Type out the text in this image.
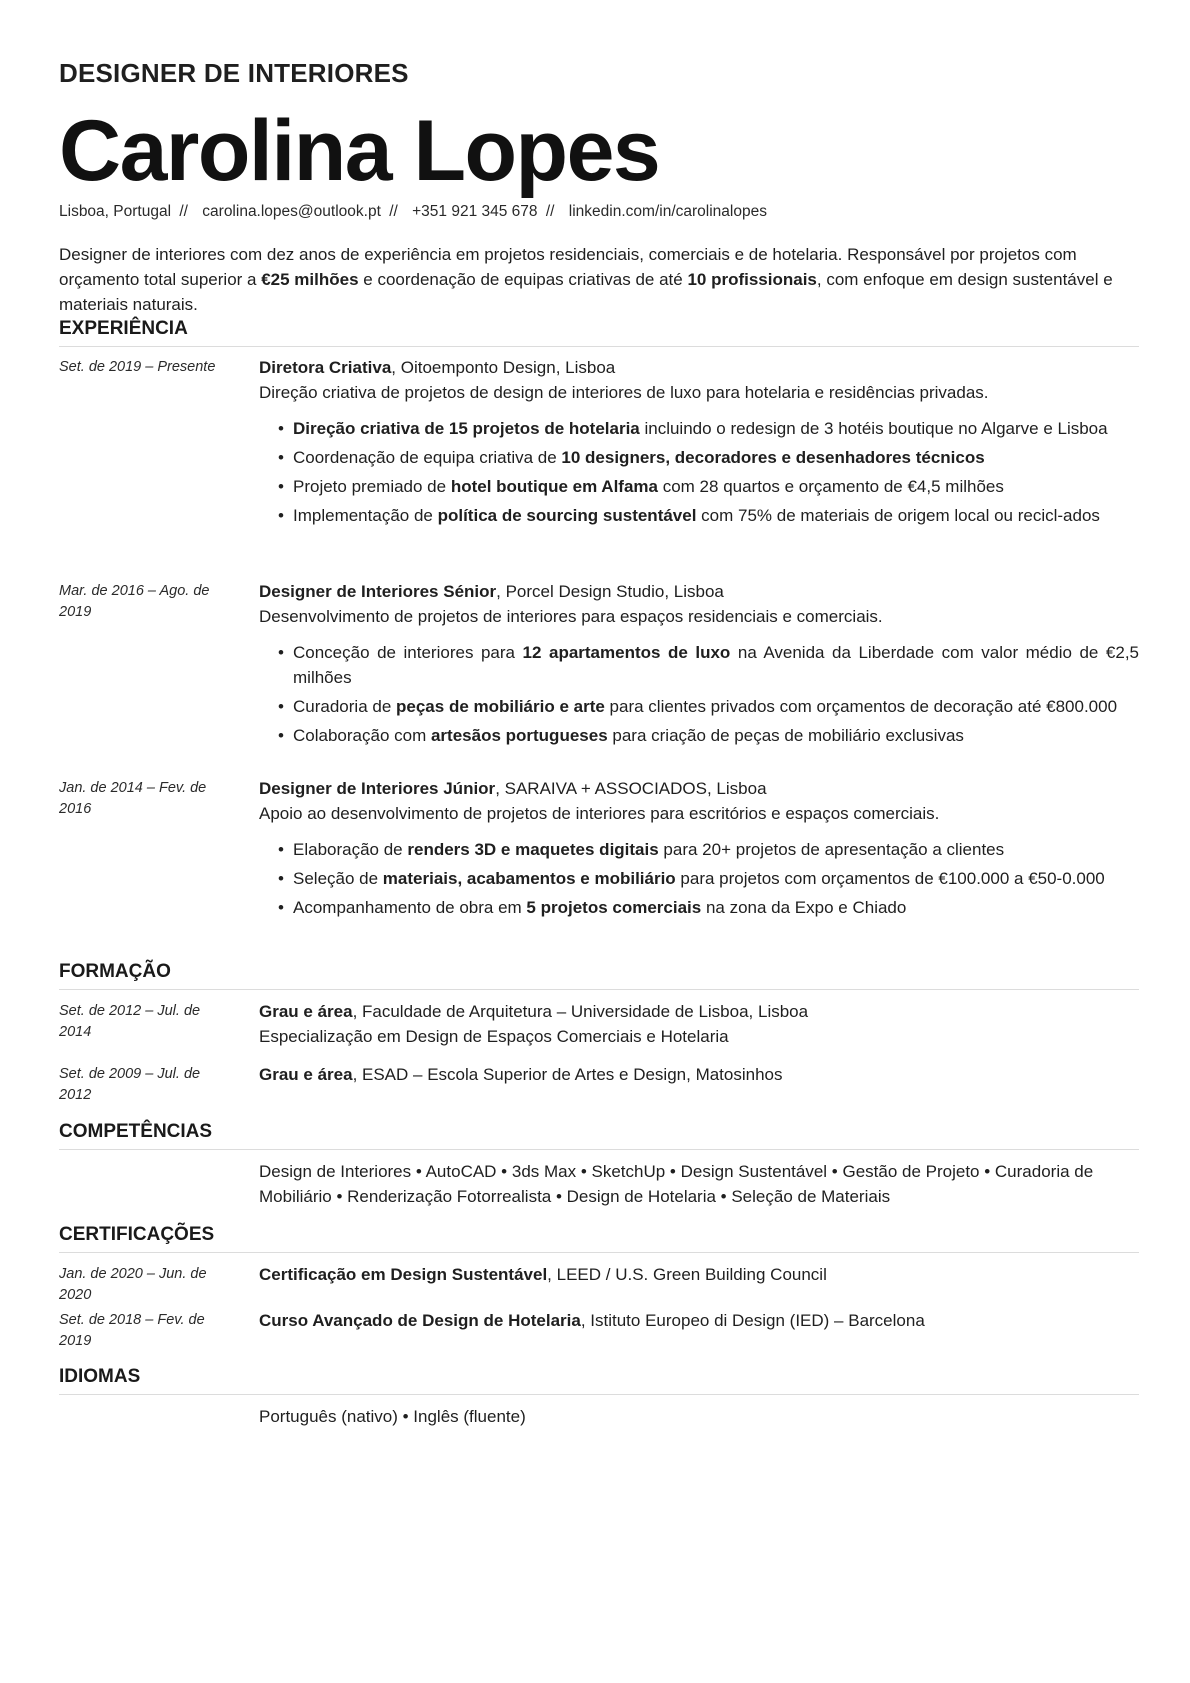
DESIGNER DE INTERIORES
Carolina Lopes
Lisboa, Portugal // carolina.lopes@outlook.pt // +351 921 345 678 // linkedin.com/in/carolinalopes
Designer de interiores com dez anos de experiência em projetos residenciais, comerciais e de hotelaria. Responsável por projetos com orçamento total superior a €25 milhões e coordenação de equipas criativas de até 10 profissionais, com enfoque em design sustentável e materiais naturais.
EXPERIÊNCIA
Set. de 2019 – Presente	Diretora Criativa, Oitoemponto Design, Lisboa
Direção criativa de projetos de design de interiores de luxo para hotelaria e residências privadas.
• Direção criativa de 15 projetos de hotelaria incluindo o redesign de 3 hotéis boutique no Algarve e Lisboa
• Coordenação de equipa criativa de 10 designers, decoradores e desenhadores técnicos
• Projeto premiado de hotel boutique em Alfama com 28 quartos e orçamento de €4,5 milhões
• Implementação de política de sourcing sustentável com 75% de materiais de origem local ou recicl-ados
Mar. de 2016 – Ago. de 2019
Designer de Interiores Sénior, Porcel Design Studio, Lisboa
Desenvolvimento de projetos de interiores para espaços residenciais e comerciais.
• Conceção de interiores para 12 apartamentos de luxo na Avenida da Liberdade com valor médio de €2,5 milhões
• Curadoria de peças de mobiliário e arte para clientes privados com orçamentos de decoração até €800.000
• Colaboração com artesãos portugueses para criação de peças de mobiliário exclusivas
Jan. de 2014 – Fev. de 2016
Designer de Interiores Júnior, SARAIVA + ASSOCIADOS, Lisboa
Apoio ao desenvolvimento de projetos de interiores para escritórios e espaços comerciais.
• Elaboração de renders 3D e maquetes digitais para 20+ projetos de apresentação a clientes
• Seleção de materiais, acabamentos e mobiliário para projetos com orçamentos de €100.000 a €50-0.000
• Acompanhamento de obra em 5 projetos comerciais na zona da Expo e Chiado
FORMAÇÃO
Set. de 2012 – Jul. de 2014
Grau e área, Faculdade de Arquitetura – Universidade de Lisboa, Lisboa
Especialização em Design de Espaços Comerciais e Hotelaria
Set. de 2009 – Jul. de 2012
Grau e área, ESAD – Escola Superior de Artes e Design, Matosinhos
COMPETÊNCIAS
Design de Interiores • AutoCAD • 3ds Max • SketchUp • Design Sustentável • Gestão de Projeto • Curadoria de Mobiliário • Renderização Fotorrealista • Design de Hotelaria • Seleção de Materiais
CERTIFICAÇÕES
Jan. de 2020 – Jun. de 2020
Certificação em Design Sustentável, LEED / U.S. Green Building Council
Set. de 2018 – Fev. de 2019
Curso Avançado de Design de Hotelaria, Istituto Europeo di Design (IED) – Barcelona
IDIOMAS
Português (nativo) • Inglês (fluente)
